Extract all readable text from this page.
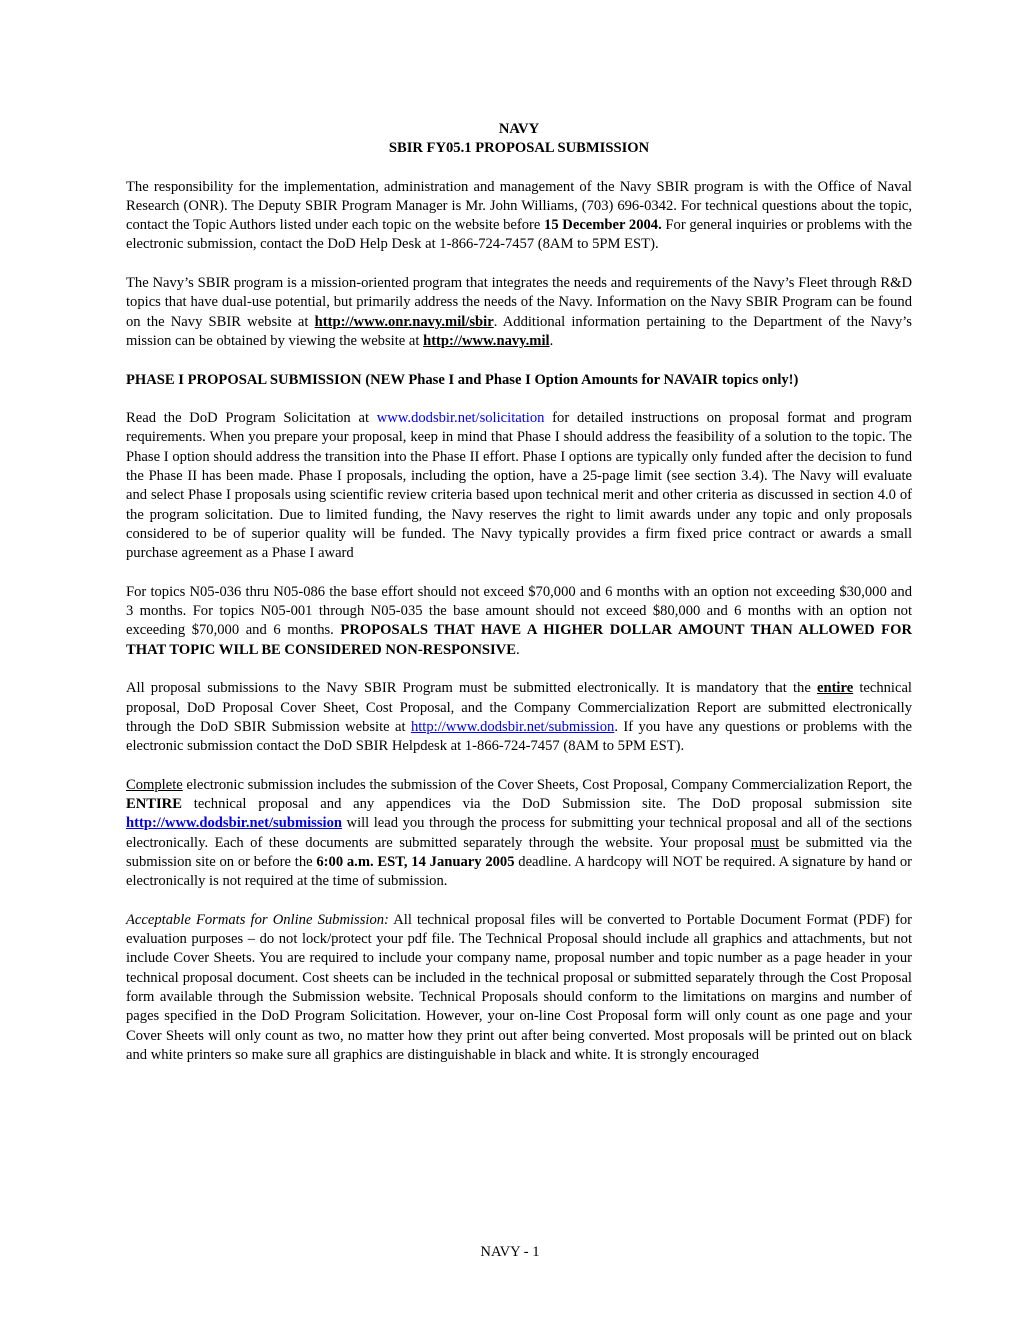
NAVY
SBIR FY05.1 PROPOSAL SUBMISSION

The responsibility for the implementation, administration and management of the Navy SBIR program is with the Office of Naval Research (ONR). The Deputy SBIR Program Manager is Mr. John Williams, (703) 696-0342. For technical questions about the topic, contact the Topic Authors listed under each topic on the website before 15 December 2004. For general inquiries or problems with the electronic submission, contact the DoD Help Desk at 1-866-724-7457 (8AM to 5PM EST).

The Navy’s SBIR program is a mission-oriented program that integrates the needs and requirements of the Navy’s Fleet through R&D topics that have dual-use potential, but primarily address the needs of the Navy. Information on the Navy SBIR Program can be found on the Navy SBIR website at http://www.onr.navy.mil/sbir. Additional information pertaining to the Department of the Navy’s mission can be obtained by viewing the website at http://www.navy.mil.

PHASE I PROPOSAL SUBMISSION (NEW Phase I and Phase I Option Amounts for NAVAIR topics only!)

Read the DoD Program Solicitation at www.dodsbir.net/solicitation for detailed instructions on proposal format and program requirements. When you prepare your proposal, keep in mind that Phase I should address the feasibility of a solution to the topic. The Phase I option should address the transition into the Phase II effort. Phase I options are typically only funded after the decision to fund the Phase II has been made. Phase I proposals, including the option, have a 25-page limit (see section 3.4). The Navy will evaluate and select Phase I proposals using scientific review criteria based upon technical merit and other criteria as discussed in section 4.0 of the program solicitation. Due to limited funding, the Navy reserves the right to limit awards under any topic and only proposals considered to be of superior quality will be funded. The Navy typically provides a firm fixed price contract or awards a small purchase agreement as a Phase I award

For topics N05-036 thru N05-086 the base effort should not exceed $70,000 and 6 months with an option not exceeding $30,000 and 3 months. For topics N05-001 through N05-035 the base amount should not exceed $80,000 and 6 months with an option not exceeding $70,000 and 6 months. PROPOSALS THAT HAVE A HIGHER DOLLAR AMOUNT THAN ALLOWED FOR THAT TOPIC WILL BE CONSIDERED NON-RESPONSIVE.

All proposal submissions to the Navy SBIR Program must be submitted electronically. It is mandatory that the entire technical proposal, DoD Proposal Cover Sheet, Cost Proposal, and the Company Commercialization Report are submitted electronically through the DoD SBIR Submission website at http://www.dodsbir.net/submission. If you have any questions or problems with the electronic submission contact the DoD SBIR Helpdesk at 1-866-724-7457 (8AM to 5PM EST).

Complete electronic submission includes the submission of the Cover Sheets, Cost Proposal, Company Commercialization Report, the ENTIRE technical proposal and any appendices via the DoD Submission site. The DoD proposal submission site http://www.dodsbir.net/submission will lead you through the process for submitting your technical proposal and all of the sections electronically. Each of these documents are submitted separately through the website. Your proposal must be submitted via the submission site on or before the 6:00 a.m. EST, 14 January 2005 deadline. A hardcopy will NOT be required. A signature by hand or electronically is not required at the time of submission.

Acceptable Formats for Online Submission: All technical proposal files will be converted to Portable Document Format (PDF) for evaluation purposes – do not lock/protect your pdf file. The Technical Proposal should include all graphics and attachments, but not include Cover Sheets. You are required to include your company name, proposal number and topic number as a page header in your technical proposal document. Cost sheets can be included in the technical proposal or submitted separately through the Cost Proposal form available through the Submission website. Technical Proposals should conform to the limitations on margins and number of pages specified in the DoD Program Solicitation. However, your on-line Cost Proposal form will only count as one page and your Cover Sheets will only count as two, no matter how they print out after being converted. Most proposals will be printed out on black and white printers so make sure all graphics are distinguishable in black and white. It is strongly encouraged

NAVY - 1
